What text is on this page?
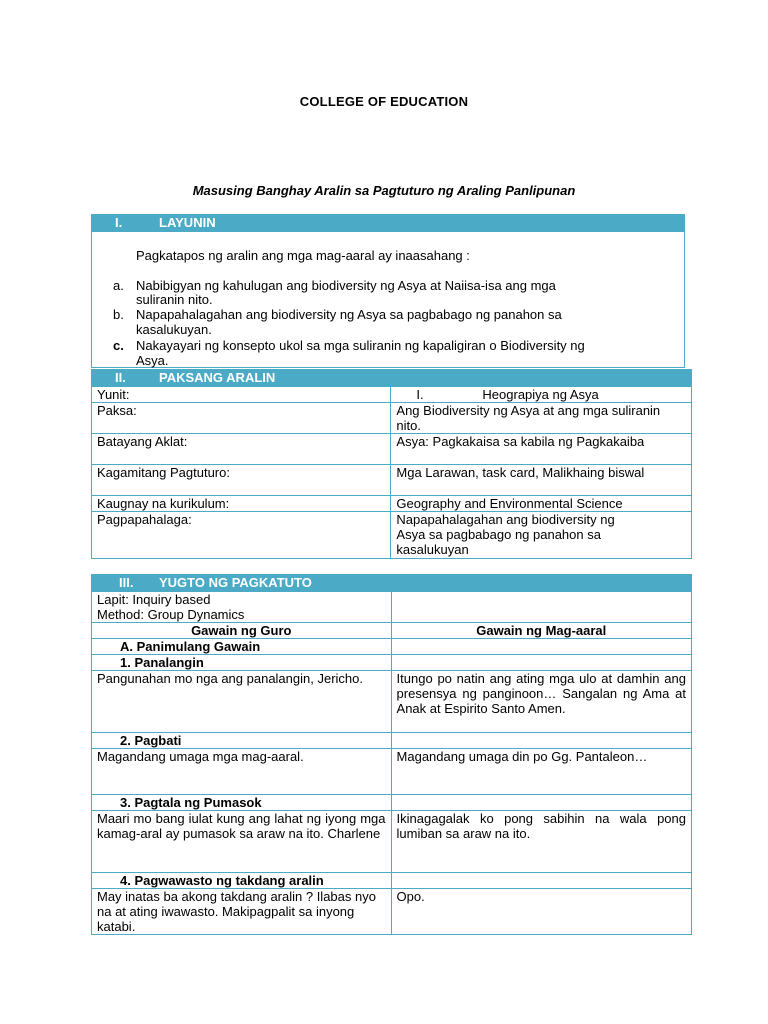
COLLEGE OF EDUCATION
Masusing Banghay Aralin sa Pagtuturo ng Araling Panlipunan
I.	LAYUNIN
Pagkatapos ng aralin ang mga mag-aaral ay inaasahang :
a. Nabibigyan ng kahulugan ang biodiversity ng Asya at Naiisa-isa ang mga
suliranin nito.
b. Napapahalagahan ang biodiversity ng Asya sa pagbabago ng panahon sa
kasalukuyan.
c. Nakayayari ng konsepto ukol sa mga suliranin ng kapaligiran o Biodiversity ng
Asya.
II.	PAKSANG ARALIN
Yunit:	I. Heograpiya ng Asya
Paksa:	Ang Biodiversity ng Asya at ang mga suliranin nito.
Batayang Aklat:	Asya: Pagkakaisa sa kabila ng Pagkakaiba
Kagamitang Pagtuturo:	Mga Larawan, task card, Malikhaing biswal
Kaugnay na kurikulum:	Geography and Environmental Science
Pagpapahalaga:	Napapahalagahan ang biodiversity ng Asya sa pagbabago ng panahon sa kasalukuyan
III. YUGTO NG PAGKATUTO
Lapit: Inquiry based
Method: Group Dynamics	

Gawain ng Guro	Gawain ng Mag-aaral
A. Panimulang Gawain	
1. Panalangin	
Pangunahan mo nga ang panalangin, Jericho.	Itungo po natin ang ating mga ulo at damhin ang presensya ng panginoon… Sangalan ng Ama at Anak at Espirito Santo Amen.
2. Pagbati	
Magandang umaga mga mag-aaral.	Magandang umaga din po Gg. Pantaleon…
3. Pagtala ng Pumasok	
Maari mo bang iulat kung ang lahat ng iyong mga kamag-aral ay pumasok sa araw na ito. Charlene	Ikinagagalak ko pong sabihin na wala pong lumiban sa araw na ito.
4. Pagwawasto ng takdang aralin	
May inatas ba akong takdang aralin ? Ilabas nyo na at ating iwawasto. Makipagpalit sa inyong katabi.	Opo.
